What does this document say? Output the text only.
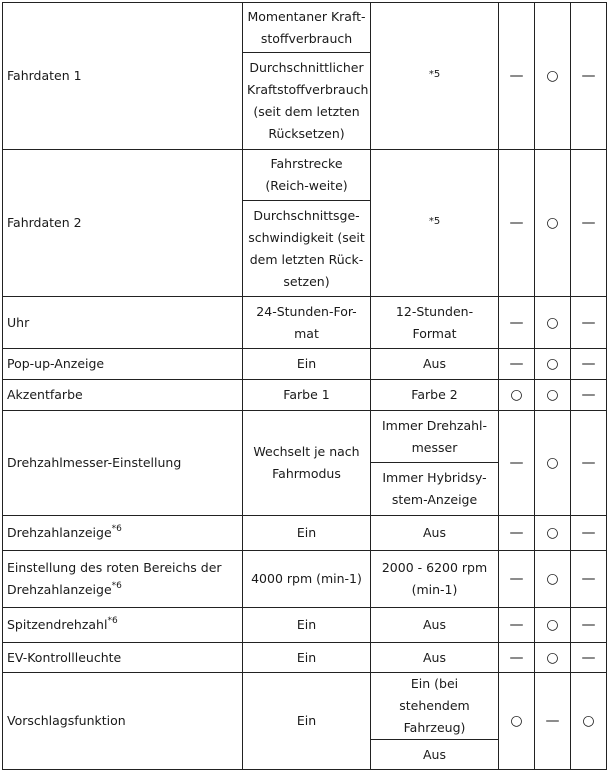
Fahrdaten 1	Momentaner Kraft-stoffverbrauch	$^{*5}$	—	○	—
	Durchschnittlicher Kraftstoffverbrauch (seit dem letzten Rücksetzen)				
Fahrdaten 2	Fahrstrecke (Reich-weite)	$^{*5}$	—	○	—
	Durchschnittsge-schwindigkeit (seit dem letzten Rück-setzen)				
Uhr	24-Stunden-For-mat	12-Stunden-Format	—	○	—
Pop-up-Anzeige	Ein	Aus	—	○	—
Akzentfarbe	Farbe 1	Farbe 2	○	○	—
Drehzahlmesser-Einstellung	Wechselt je nach Fahrmodus	Immer Drehzahl-messer	—	○	—
		Immer Hybridsy-stem-Anzeige			
Drehzahlanzeige$^{*6}$	Ein	Aus	—	○	—
Einstellung des roten Bereichs der Drehzahlanzeige$^{*6}$	4000 rpm (min-1)	2000 - 6200 rpm (min-1)	—	○	—
Spitzendrehzahl$^{*6}$	Ein	Aus	—	○	—
EV-Kontrollleuchte	Ein	Aus	—	○	—
Vorschlagsfunktion	Ein	Ein (bei stehendem Fahrzeug)	○	—	○
		Aus			
